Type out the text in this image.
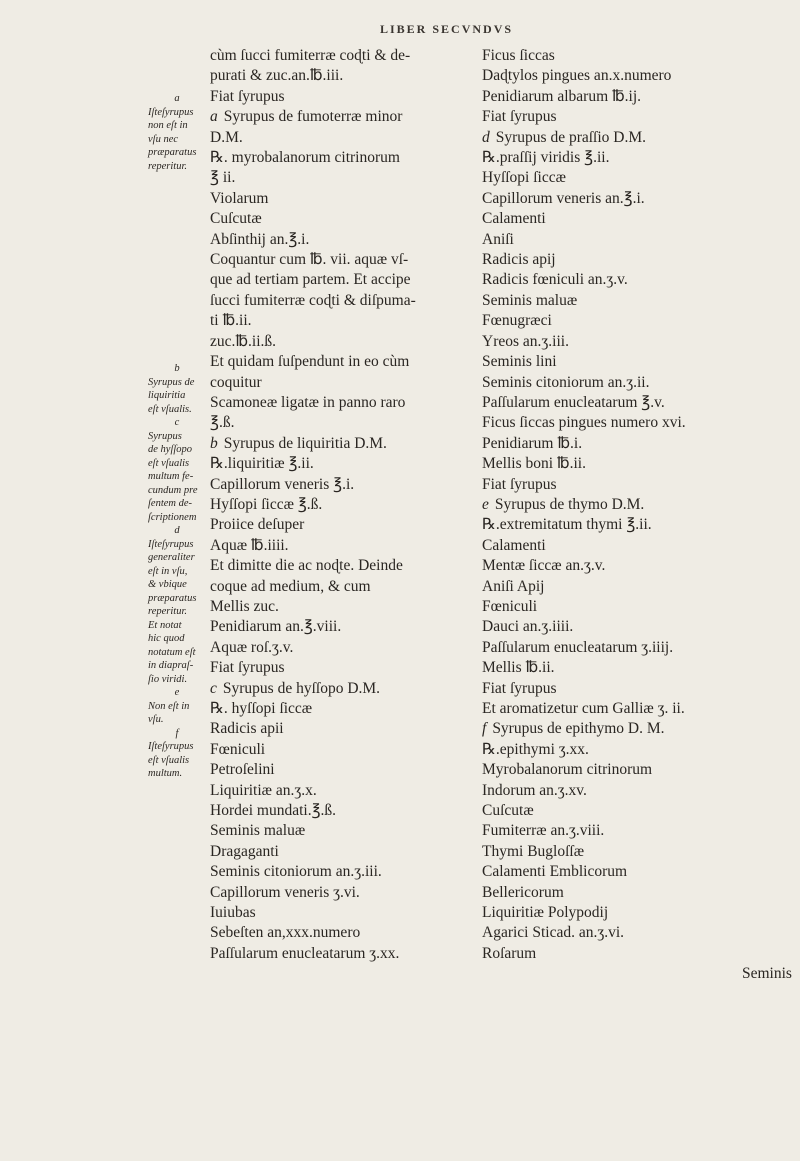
LIBER SECVNDVS
a
Iſteſyrupus
non eſt in
vſu nec
præparatus
reperitur.
b
Syrupus de
liquiritia
eſt vſualis.
c
Syrupus
de hyſſopo
eſt vſualis
multum fe-
cundum pre
ſentem de-
ſcriptionem
d
Iſteſyrupus
generaliter
eſt in vſu,
& vbique
præparatus
reperitur.
Et notat
hic quod
notatum eſt
in diapraſ-
ſio viridi.
e
Non eſt in
vſu.
f
Iſteſyrupus
eſt vſualis
multum.
cùm ſucci fumiterræ coɖti & de-
purati & zuc.an.℔.iii.
Fiat ſyrupus
a Syrupus de fumoterræ minor
D.M.
℞. myrobalanorum citrinorum
℥ ii.
Violarum
Cuſcutæ
Abſinthij an.℥.i.
Coquantur cum ℔. vii. aquæ vſ-
que ad tertiam partem. Et accipe
ſucci fumiterræ coɖti & diſpuma-
ti ℔.ii.
zuc.℔.ii.ß.
Et quidam ſuſpendunt in eo cùm
coquitur
Scamoneæ ligatæ in panno raro
℥.ß.
b Syrupus de liquiritia D.M.
℞.liquiritiæ ℥.ii.
Capillorum veneris ℥.i.
Hyſſopi ſiccæ ℥.ß.
Proiice deſuper
Aquæ ℔.iiii.
Et dimitte die ac noɖte. Deinde
coque ad medium, & cum
Mellis zuc.
Penidiarum an.℥.viii.
Aquæ roſ.ʒ.v.
Fiat ſyrupus
c Syrupus de hyſſopo D.M.
℞. hyſſopi ſiccæ
Radicis apii
Fœniculi
Petroſelini
Liquiritiæ an.ʒ.x.
Hordei mundati.℥.ß.
Seminis maluæ
Dragaganti
Seminis citoniorum an.ʒ.iii.
Capillorum veneris ʒ.vi.
Iuiubas
Sebeſten an,xxx.numero
Paſſularum enucleatarum ʒ.xx.
Ficus ſiccas
Daɖtylos pingues an.x.numero
Penidiarum albarum ℔.ij.
Fiat ſyrupus
d Syrupus de praſſio D.M.
℞.praſſij viridis ℥.ii.
Hyſſopi ſiccæ
Capillorum veneris an.℥.i.
Calamenti
Aniſi
Radicis apij
Radicis fœniculi an.ʒ.v.
Seminis maluæ
Fœnugræci
Yreos an.ʒ.iii.
Seminis lini
Seminis citoniorum an.ʒ.ii.
Paſſularum enucleatarum ℥.v.
Ficus ſiccas pingues numero xvi.
Penidiarum ℔.i.
Mellis boni ℔.ii.
Fiat ſyrupus
e Syrupus de thymo D.M.
℞.extremitatum thymi ℥.ii.
Calamenti
Mentæ ſiccæ an.ʒ.v.
Aniſi Apij
Fœniculi
Dauci an.ʒ.iiii.
Paſſularum enucleatarum ʒ.iiij.
Mellis ℔.ii.
Fiat ſyrupus
Et aromatizetur cum Galliæ ʒ. ii.
f Syrupus de epithymo D. M.
℞.epithymi ʒ.xx.
Myrobalanorum citrinorum
Indorum an.ʒ.xv.
Cuſcutæ
Fumiterræ an.ʒ.viii.
Thymi Bugloſſæ
Calamenti Emblicorum
Bellericorum
Liquiritiæ Polypodij
Agarici Sticad. an.ʒ.vi.
Roſarum
Seminis
